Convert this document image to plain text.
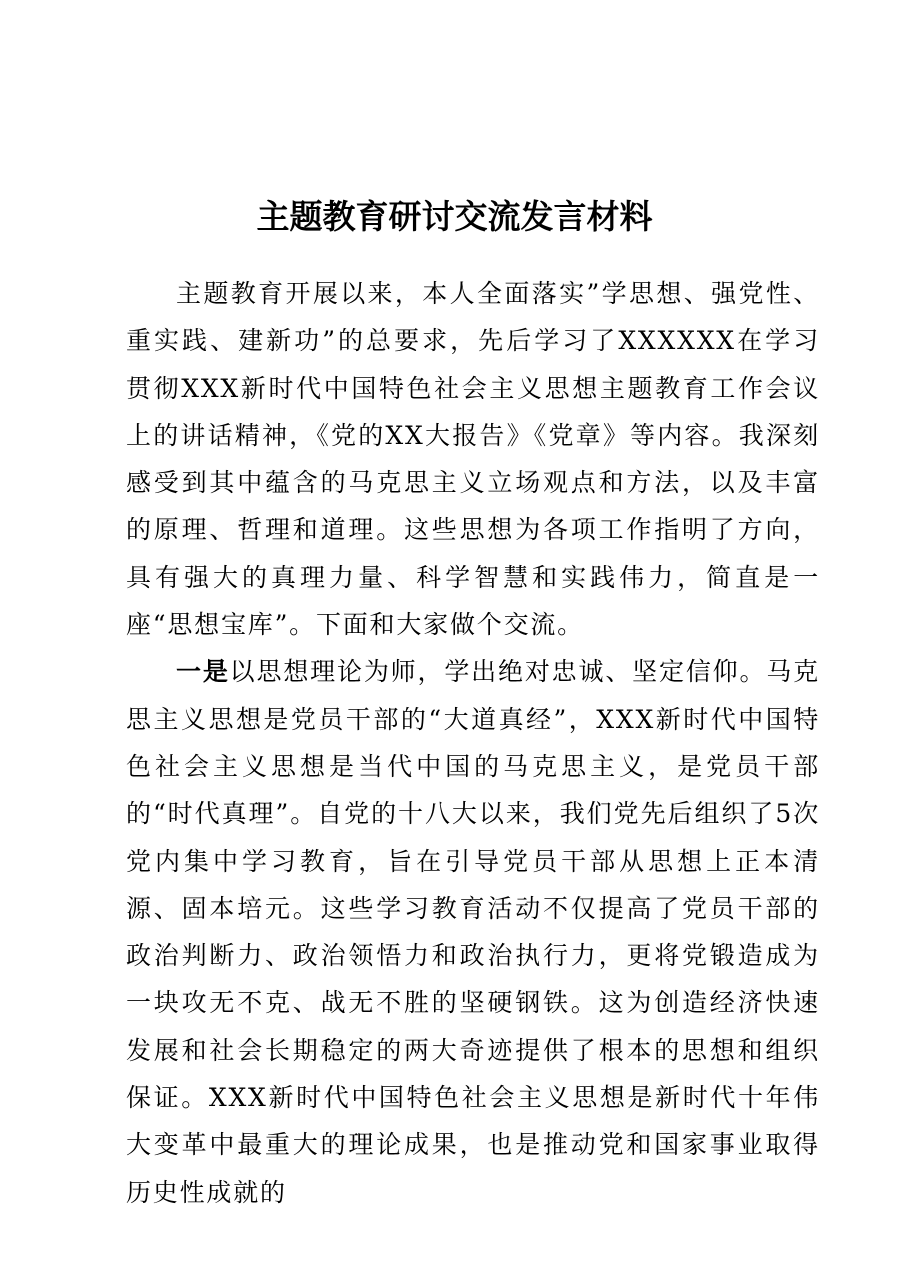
主题教育研讨交流发言材料

主题教育开展以来，本人全面落实”学思想、强党性、重实践、建新功”的总要求，先后学习了XXXXXX在学习贯彻XXX新时代中国特色社会主义思想主题教育工作会议上的讲话精神，《党的XX大报告》《党章》等内容。我深刻感受到其中蕴含的马克思主义立场观点和方法，以及丰富的原理、哲理和道理。这些思想为各项工作指明了方向，具有强大的真理力量、科学智慧和实践伟力，简直是一座“思想宝库”。下面和大家做个交流。

一是以思想理论为师，学出绝对忠诚、坚定信仰。马克思主义思想是党员干部的“大道真经”，XXX新时代中国特色社会主义思想是当代中国的马克思主义，是党员干部的“时代真理”。自党的十八大以来，我们党先后组织了5次党内集中学习教育，旨在引导党员干部从思想上正本清源、固本培元。这些学习教育活动不仅提高了党员干部的政治判断力、政治领悟力和政治执行力，更将党锻造成为一块攻无不克、战无不胜的坚硬钢铁。这为创造经济快速发展和社会长期稳定的两大奇迹提供了根本的思想和组织保证。XXX新时代中国特色社会主义思想是新时代十年伟大变革中最重大的理论成果，也是推动党和国家事业取得历史性成就的
